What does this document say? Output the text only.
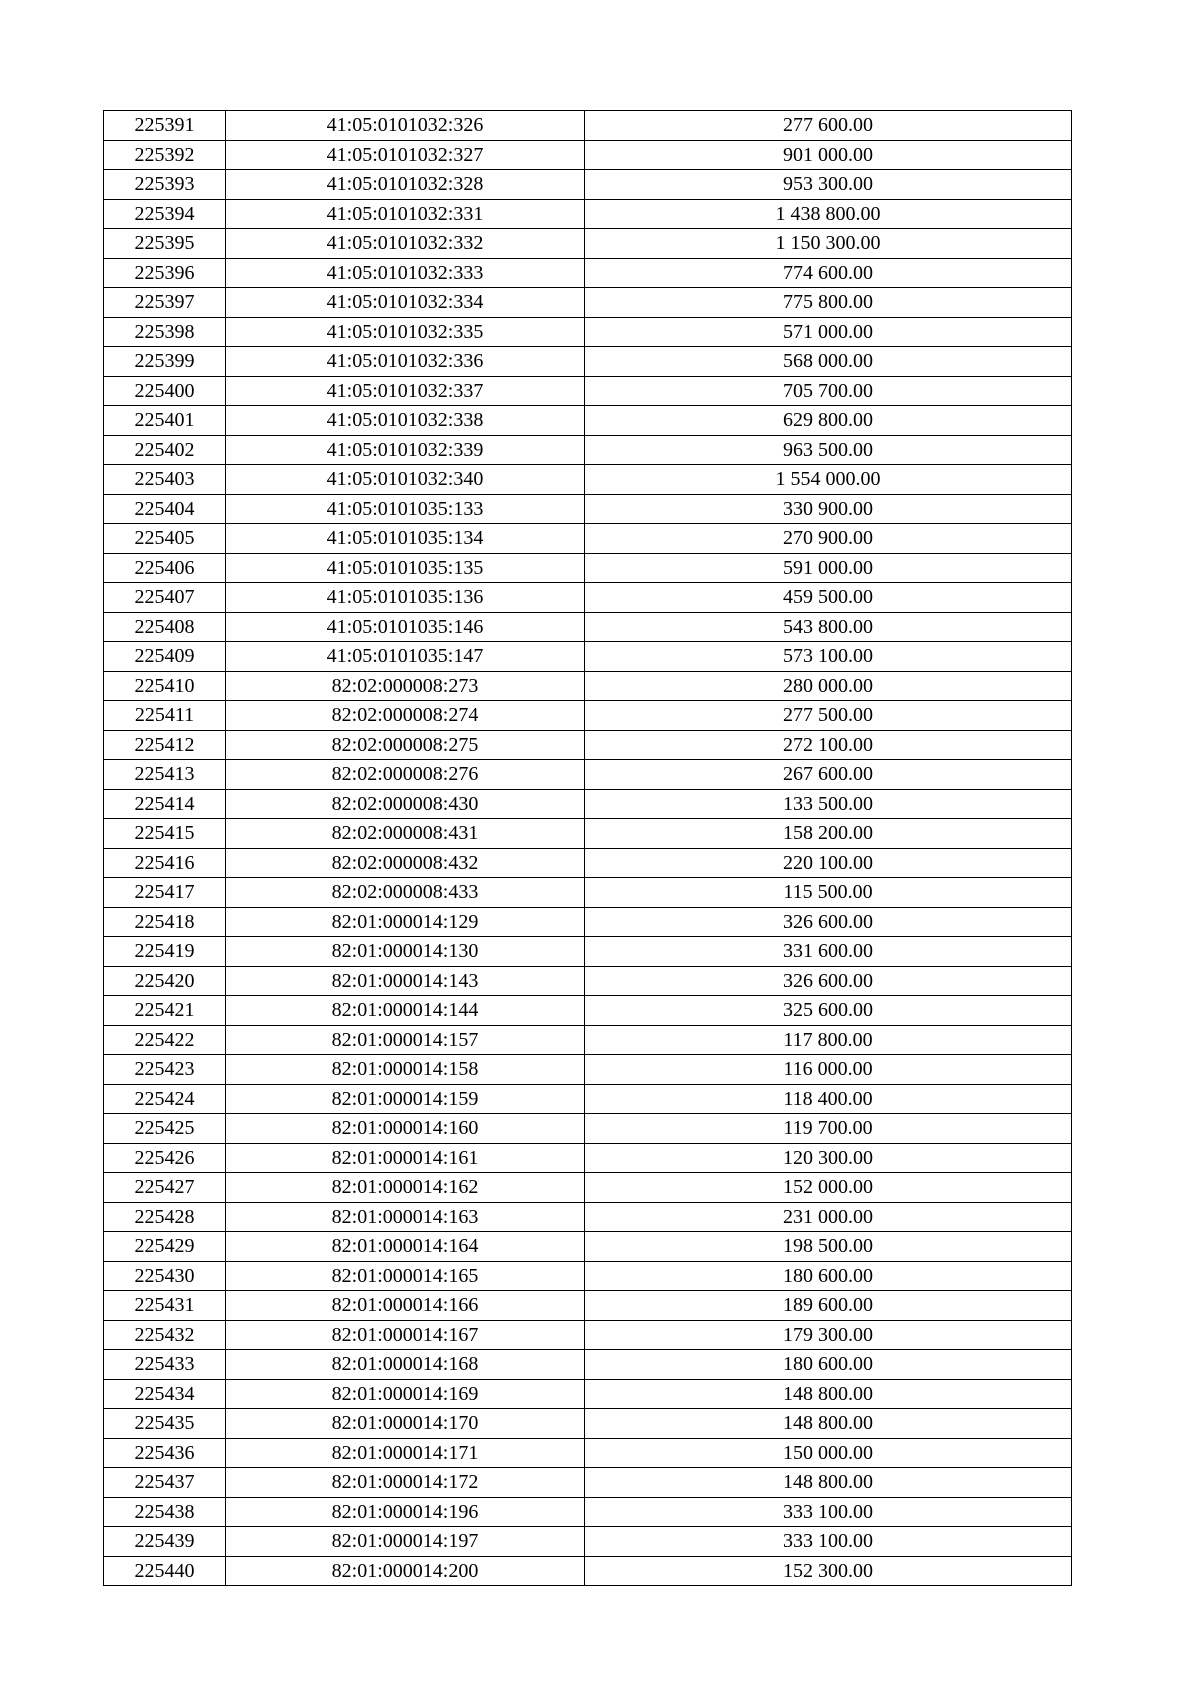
225391	41:05:0101032:326	277 600.00
225392	41:05:0101032:327	901 000.00
225393	41:05:0101032:328	953 300.00
225394	41:05:0101032:331	1 438 800.00
225395	41:05:0101032:332	1 150 300.00
225396	41:05:0101032:333	774 600.00
225397	41:05:0101032:334	775 800.00
225398	41:05:0101032:335	571 000.00
225399	41:05:0101032:336	568 000.00
225400	41:05:0101032:337	705 700.00
225401	41:05:0101032:338	629 800.00
225402	41:05:0101032:339	963 500.00
225403	41:05:0101032:340	1 554 000.00
225404	41:05:0101035:133	330 900.00
225405	41:05:0101035:134	270 900.00
225406	41:05:0101035:135	591 000.00
225407	41:05:0101035:136	459 500.00
225408	41:05:0101035:146	543 800.00
225409	41:05:0101035:147	573 100.00
225410	82:02:000008:273	280 000.00
225411	82:02:000008:274	277 500.00
225412	82:02:000008:275	272 100.00
225413	82:02:000008:276	267 600.00
225414	82:02:000008:430	133 500.00
225415	82:02:000008:431	158 200.00
225416	82:02:000008:432	220 100.00
225417	82:02:000008:433	115 500.00
225418	82:01:000014:129	326 600.00
225419	82:01:000014:130	331 600.00
225420	82:01:000014:143	326 600.00
225421	82:01:000014:144	325 600.00
225422	82:01:000014:157	117 800.00
225423	82:01:000014:158	116 000.00
225424	82:01:000014:159	118 400.00
225425	82:01:000014:160	119 700.00
225426	82:01:000014:161	120 300.00
225427	82:01:000014:162	152 000.00
225428	82:01:000014:163	231 000.00
225429	82:01:000014:164	198 500.00
225430	82:01:000014:165	180 600.00
225431	82:01:000014:166	189 600.00
225432	82:01:000014:167	179 300.00
225433	82:01:000014:168	180 600.00
225434	82:01:000014:169	148 800.00
225435	82:01:000014:170	148 800.00
225436	82:01:000014:171	150 000.00
225437	82:01:000014:172	148 800.00
225438	82:01:000014:196	333 100.00
225439	82:01:000014:197	333 100.00
225440	82:01:000014:200	152 300.00
